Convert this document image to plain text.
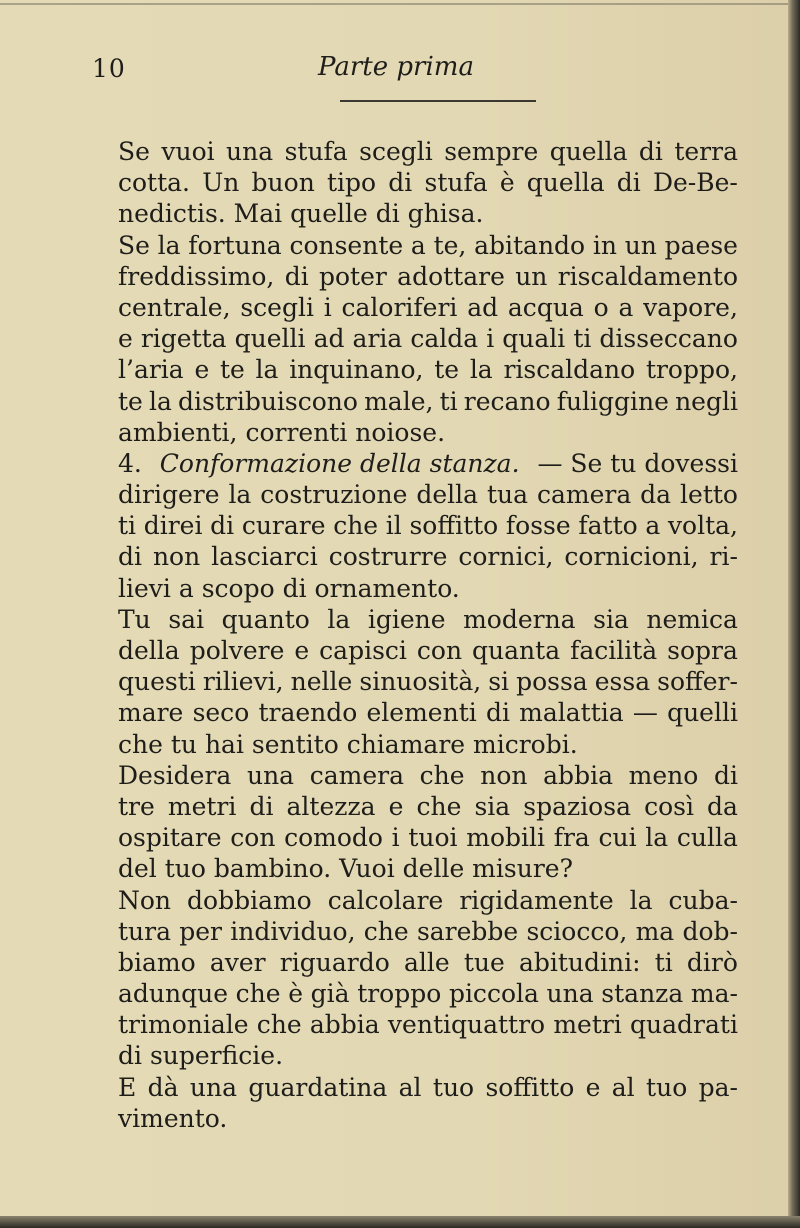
10	Parte prima
Se vuoi una stufa scegli sempre quella di terra
cotta. Un buon tipo di stufa è quella di De-Be-
nedictis. Mai quelle di ghisa.
Se la fortuna consente a te, abitando in un paese
freddissimo, di poter adottare un riscaldamento
centrale, scegli i caloriferi ad acqua o a vapore,
e rigetta quelli ad aria calda i quali ti disseccano
l’aria e te la inquinano, te la riscaldano troppo,
te la distribuiscono male, ti recano fuliggine negli
ambienti, correnti noiose.
4. Conformazione della stanza. — Se tu dovessi
dirigere la costruzione della tua camera da letto
ti direi di curare che il soffitto fosse fatto a volta,
di non lasciarci costrurre cornici, cornicioni, ri-
lievi a scopo di ornamento.
Tu sai quanto la igiene moderna sia nemica
della polvere e capisci con quanta facilità sopra
questi rilievi, nelle sinuosità, si possa essa soffer-
mare seco traendo elementi di malattia — quelli
che tu hai sentito chiamare microbi.
Desidera una camera che non abbia meno di
tre metri di altezza e che sia spaziosa così da
ospitare con comodo i tuoi mobili fra cui la culla
del tuo bambino. Vuoi delle misure?
Non dobbiamo calcolare rigidamente la cuba-
tura per individuo, che sarebbe sciocco, ma dob-
biamo aver riguardo alle tue abitudini: ti dirò
adunque che è già troppo piccola una stanza ma-
trimoniale che abbia ventiquattro metri quadrati
di superficie.
E dà una guardatina al tuo soffitto e al tuo pa-
vimento.
